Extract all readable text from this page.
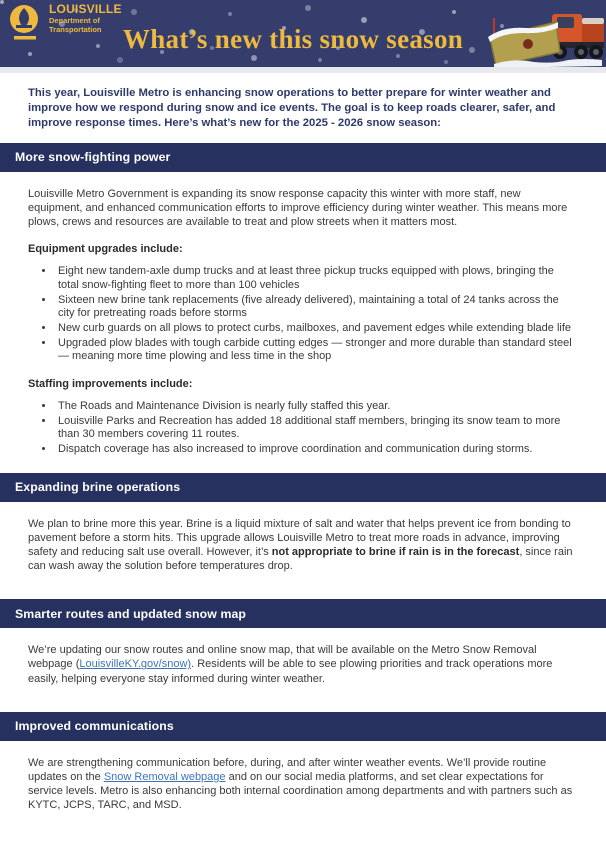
LOUISVILLE
Department of
Transportation What’s new this snow season

This year, Louisville Metro is enhancing snow operations to better prepare for winter weather and improve how we respond during snow and ice events. The goal is to keep roads clearer, safer, and improve response times. Here’s what’s new for the 2025 - 2026 snow season:

More snow-fighting power

Louisville Metro Government is expanding its snow response capacity this winter with more staff, new equipment, and enhanced communication efforts to improve efficiency during winter weather. This means more plows, crews and resources are available to treat and plow streets when it matters most.

Equipment upgrades include:

• Eight new tandem-axle dump trucks and at least three pickup trucks equipped with plows, bringing the total snow-fighting fleet to more than 100 vehicles
• Sixteen new brine tank replacements (five already delivered), maintaining a total of 24 tanks across the city for pretreating roads before storms
• New curb guards on all plows to protect curbs, mailboxes, and pavement edges while extending blade life
• Upgraded plow blades with tough carbide cutting edges — stronger and more durable than standard steel — meaning more time plowing and less time in the shop

Staffing improvements include:

• The Roads and Maintenance Division is nearly fully staffed this year.
• Louisville Parks and Recreation has added 18 additional staff members, bringing its snow team to more than 30 members covering 11 routes.
• Dispatch coverage has also increased to improve coordination and communication during storms.
Expanding brine operations

We plan to brine more this year. Brine is a liquid mixture of salt and water that helps prevent ice from bonding to pavement before a storm hits. This upgrade allows Louisville Metro to treat more roads in advance, improving safety and reducing salt use overall. However, it’s not appropriate to brine if rain is in the forecast, since rain can wash away the solution before temperatures drop.

Smarter routes and updated snow map

We’re updating our snow routes and online snow map, that will be available on the Metro Snow Removal webpage (LouisvilleKY.gov/snow). Residents will be able to see plowing priorities and track operations more easily, helping everyone stay informed during winter weather.

Improved communications

We are strengthening communication before, during, and after winter weather events. We’ll provide routine updates on the Snow Removal webpage and on our social media platforms, and set clear expectations for service levels. Metro is also enhancing both internal coordination among departments and with partners such as KYTC, JCPS, TARC, and MSD.
